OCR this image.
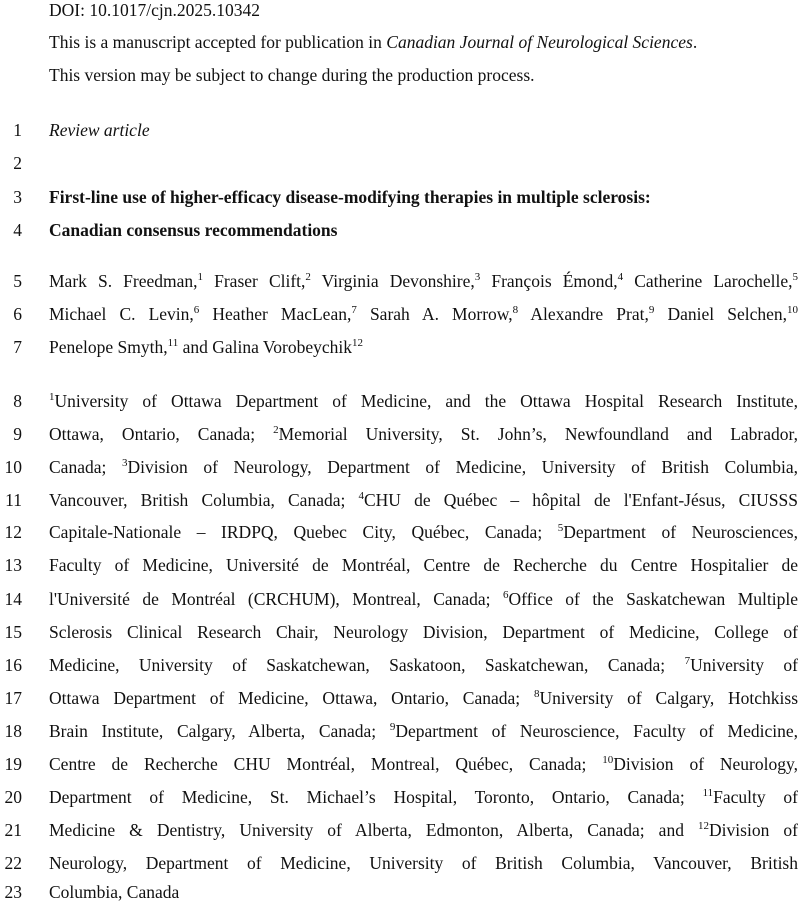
DOI: 10.1017/cjn.2025.10342
This is a manuscript accepted for publication in Canadian Journal of Neurological Sciences.
This version may be subject to change during the production process.
1 Review article
2
3 First-line use of higher-efficacy disease-modifying therapies in multiple sclerosis:
4 Canadian consensus recommendations
5 Mark S. Freedman,$^1$ Fraser Clift,$^2$ Virginia Devonshire,$^3$ François Émond,$^4$ Catherine Larochelle,$^5$
6 Michael C. Levin,$^6$ Heather MacLean,$^7$ Sarah A. Morrow,$^8$ Alexandre Prat,$^9$ Daniel Selchen,$^{10}$
7 Penelope Smyth,$^{11}$ and Galina Vorobeychik$^{12}$
8 $^1$University of Ottawa Department of Medicine, and the Ottawa Hospital Research Institute,
9 Ottawa, Ontario, Canada; $^2$Memorial University, St. John’s, Newfoundland and Labrador,
10 Canada; $^3$Division of Neurology, Department of Medicine, University of British Columbia,
11 Vancouver, British Columbia, Canada; $^4$CHU de Québec – hôpital de l'Enfant-Jésus, CIUSSS
12 Capitale-Nationale – IRDPQ, Quebec City, Québec, Canada; $^5$Department of Neurosciences,
13 Faculty of Medicine, Université de Montréal, Centre de Recherche du Centre Hospitalier de
14 l'Université de Montréal (CRCHUM), Montreal, Canada; $^6$Office of the Saskatchewan Multiple
15 Sclerosis Clinical Research Chair, Neurology Division, Department of Medicine, College of
16 Medicine, University of Saskatchewan, Saskatoon, Saskatchewan, Canada; $^7$University of
17 Ottawa Department of Medicine, Ottawa, Ontario, Canada; $^8$University of Calgary, Hotchkiss
18 Brain Institute, Calgary, Alberta, Canada; $^9$Department of Neuroscience, Faculty of Medicine,
19 Centre de Recherche CHU Montréal, Montreal, Québec, Canada; $^{10}$Division of Neurology,
20 Department of Medicine, St. Michael’s Hospital, Toronto, Ontario, Canada; $^{11}$Faculty of
21 Medicine & Dentistry, University of Alberta, Edmonton, Alberta, Canada; and $^{12}$Division of
22 Neurology, Department of Medicine, University of British Columbia, Vancouver, British
23 Columbia, Canada
